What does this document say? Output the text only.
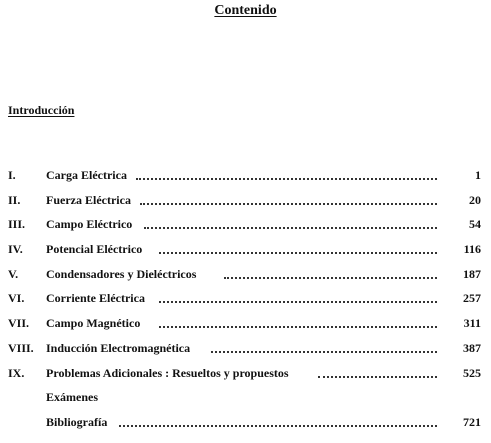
Contenido
Introducción
I.	Carga Eléctrica	1
II. Fuerza Eléctrica	20
III. Campo Eléctrico	54
IV. Potencial Eléctrico	116
V. Condensadores y Dieléctricos	187
VI. Corriente Eléctrica	257
VII. Campo Magnético	311
VIII. Inducción Electromagnética	387
IX. Problemas Adicionales : Resueltos y propuestos	525
Exámenes
Bibliografía	721
